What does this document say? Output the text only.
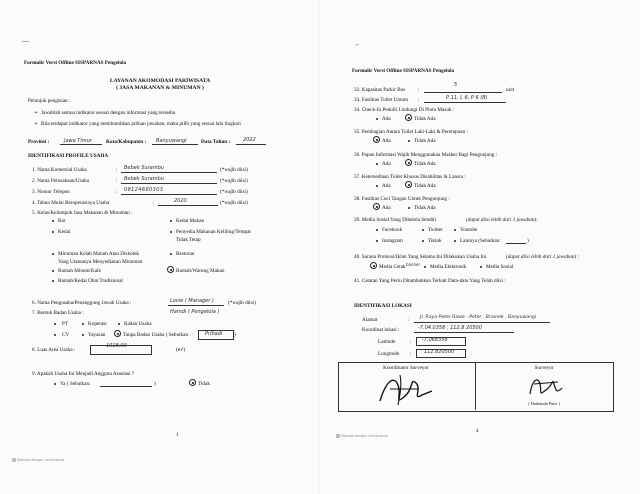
—
Formulir Versi Offline SISPARNAS Pengelola
LAYANAN AKOMODASI PARIWISATA
( JASA MAKANAN & MINUMAN )
Petunjuk pengisian :
➢ Jawablah semua indikator sesuai dengan informasi yang tersedia
➢ Bila terdapat indikator yang membutuhkan pilihan jawaban, maka pilih yang sesuai lalu lingkari
Provinsi :	Jawa Timur	Kota/Kabupaten : Banyuwangi	Data Tahun :	2022
IDENTIFIKASI PROFILE USAHA
1. Nama Komersial Usaha	: Bebek Surambu	(*wajib diisi)
2. Nama Perusahaan/Usaha	: Bebek Surambu	(*wajib diisi)
3. Nomor Telepon	: 08124680303	(*wajib diisi)
4. Tahun Mulai Beroperasinya Usaha	:	2020	(*wajib diisi)
5. Kelas/Kelompok Jasa Makanan & Minuman :
Bar
Kedai
Minuman Kelab Malam Atau Diskotek
Yang Utamanya Menyediakan Minuman
Rumah Minum/Kafe
Rumah/Kedai Obat Tradisional
Kedai Makan
Penyedia Makanan Keliling/Tempat
Tidak Tetap
Restoran
Rumah/Warung Makan
6. Nama Pengusaha/Penanggung Jawab Usaha :	Lovie ( Manager )	(*wajib diisi)
7. Bentuk Badan Usaha :	Hamdi ( Pengelola )
PT	Koperasi	Badan Usaha
CV	Yayasan	Tanpa Badan Usaha ( Sebutkan :	Pribadi )
8. Luas Area Usaha :
1018,00
(m²)
9. Apakah Usaha Ini Menjadi Anggota Asosiasi ?
Ya ( Sebutkan:	)	Tidak
1
Dipindai dengan CamScanner
⌐
Formulir Versi Offline SISPARNAS Pengelola
32. Kapasitas Parkir Bus :
5
unit
33. Fasilitas Toilet Umum :	P 11, L 6, P 6 (B)
34. Check-In Pedulli Lindungi Di Pintu Masuk :
Ada	Tidak Ada
35. Pembagian Antara Toilet Laki-Laki & Perempuan :
Ada	Tidak Ada
36. Papan Informasi Wajib Menggunakan Masker Bagi Pengunjung :
Ada	Tidak Ada
37. Ketersediaan Toilet Khusus Disabilitas & Lansia :
Ada	Tidak Ada
38. Fasilitas Cuci Tangan Untuk Pengunjung :
Ada	Tidak Ada
39. Media Sosial Yang Dikelola Sendiri	(dapat diisi lebih dari 1 jawaban):
Facebook	Twitter	Youtube
Instagram	Tiktok	Lainnya (Sebutkan:	)
40. Sarana Promosi/Iklan Yang Selama Ini Dilakukan Usaha Ini	(dapat diisi lebih dari 1 jawaban) :
Media Cetak banner Media Elektronik	Media Sosial
41. Catatan Yang Perlu Ditambahkan Terkait Data-data Yang Telah diisi :
IDENTIFIKASI LOKASI
Alamat	: Jl. Raya Peter Rawe - Peter , Bramek , Banyuwangi
Koordinat lokasi :	-7.04.0358 ; 112.8 20500
Latitude	: -7.068358
Longitude :	112.820500
Koordinator Surveyor	Surveyor
( Hadzinda Putri )
4
Dipindai dengan CamScanner
